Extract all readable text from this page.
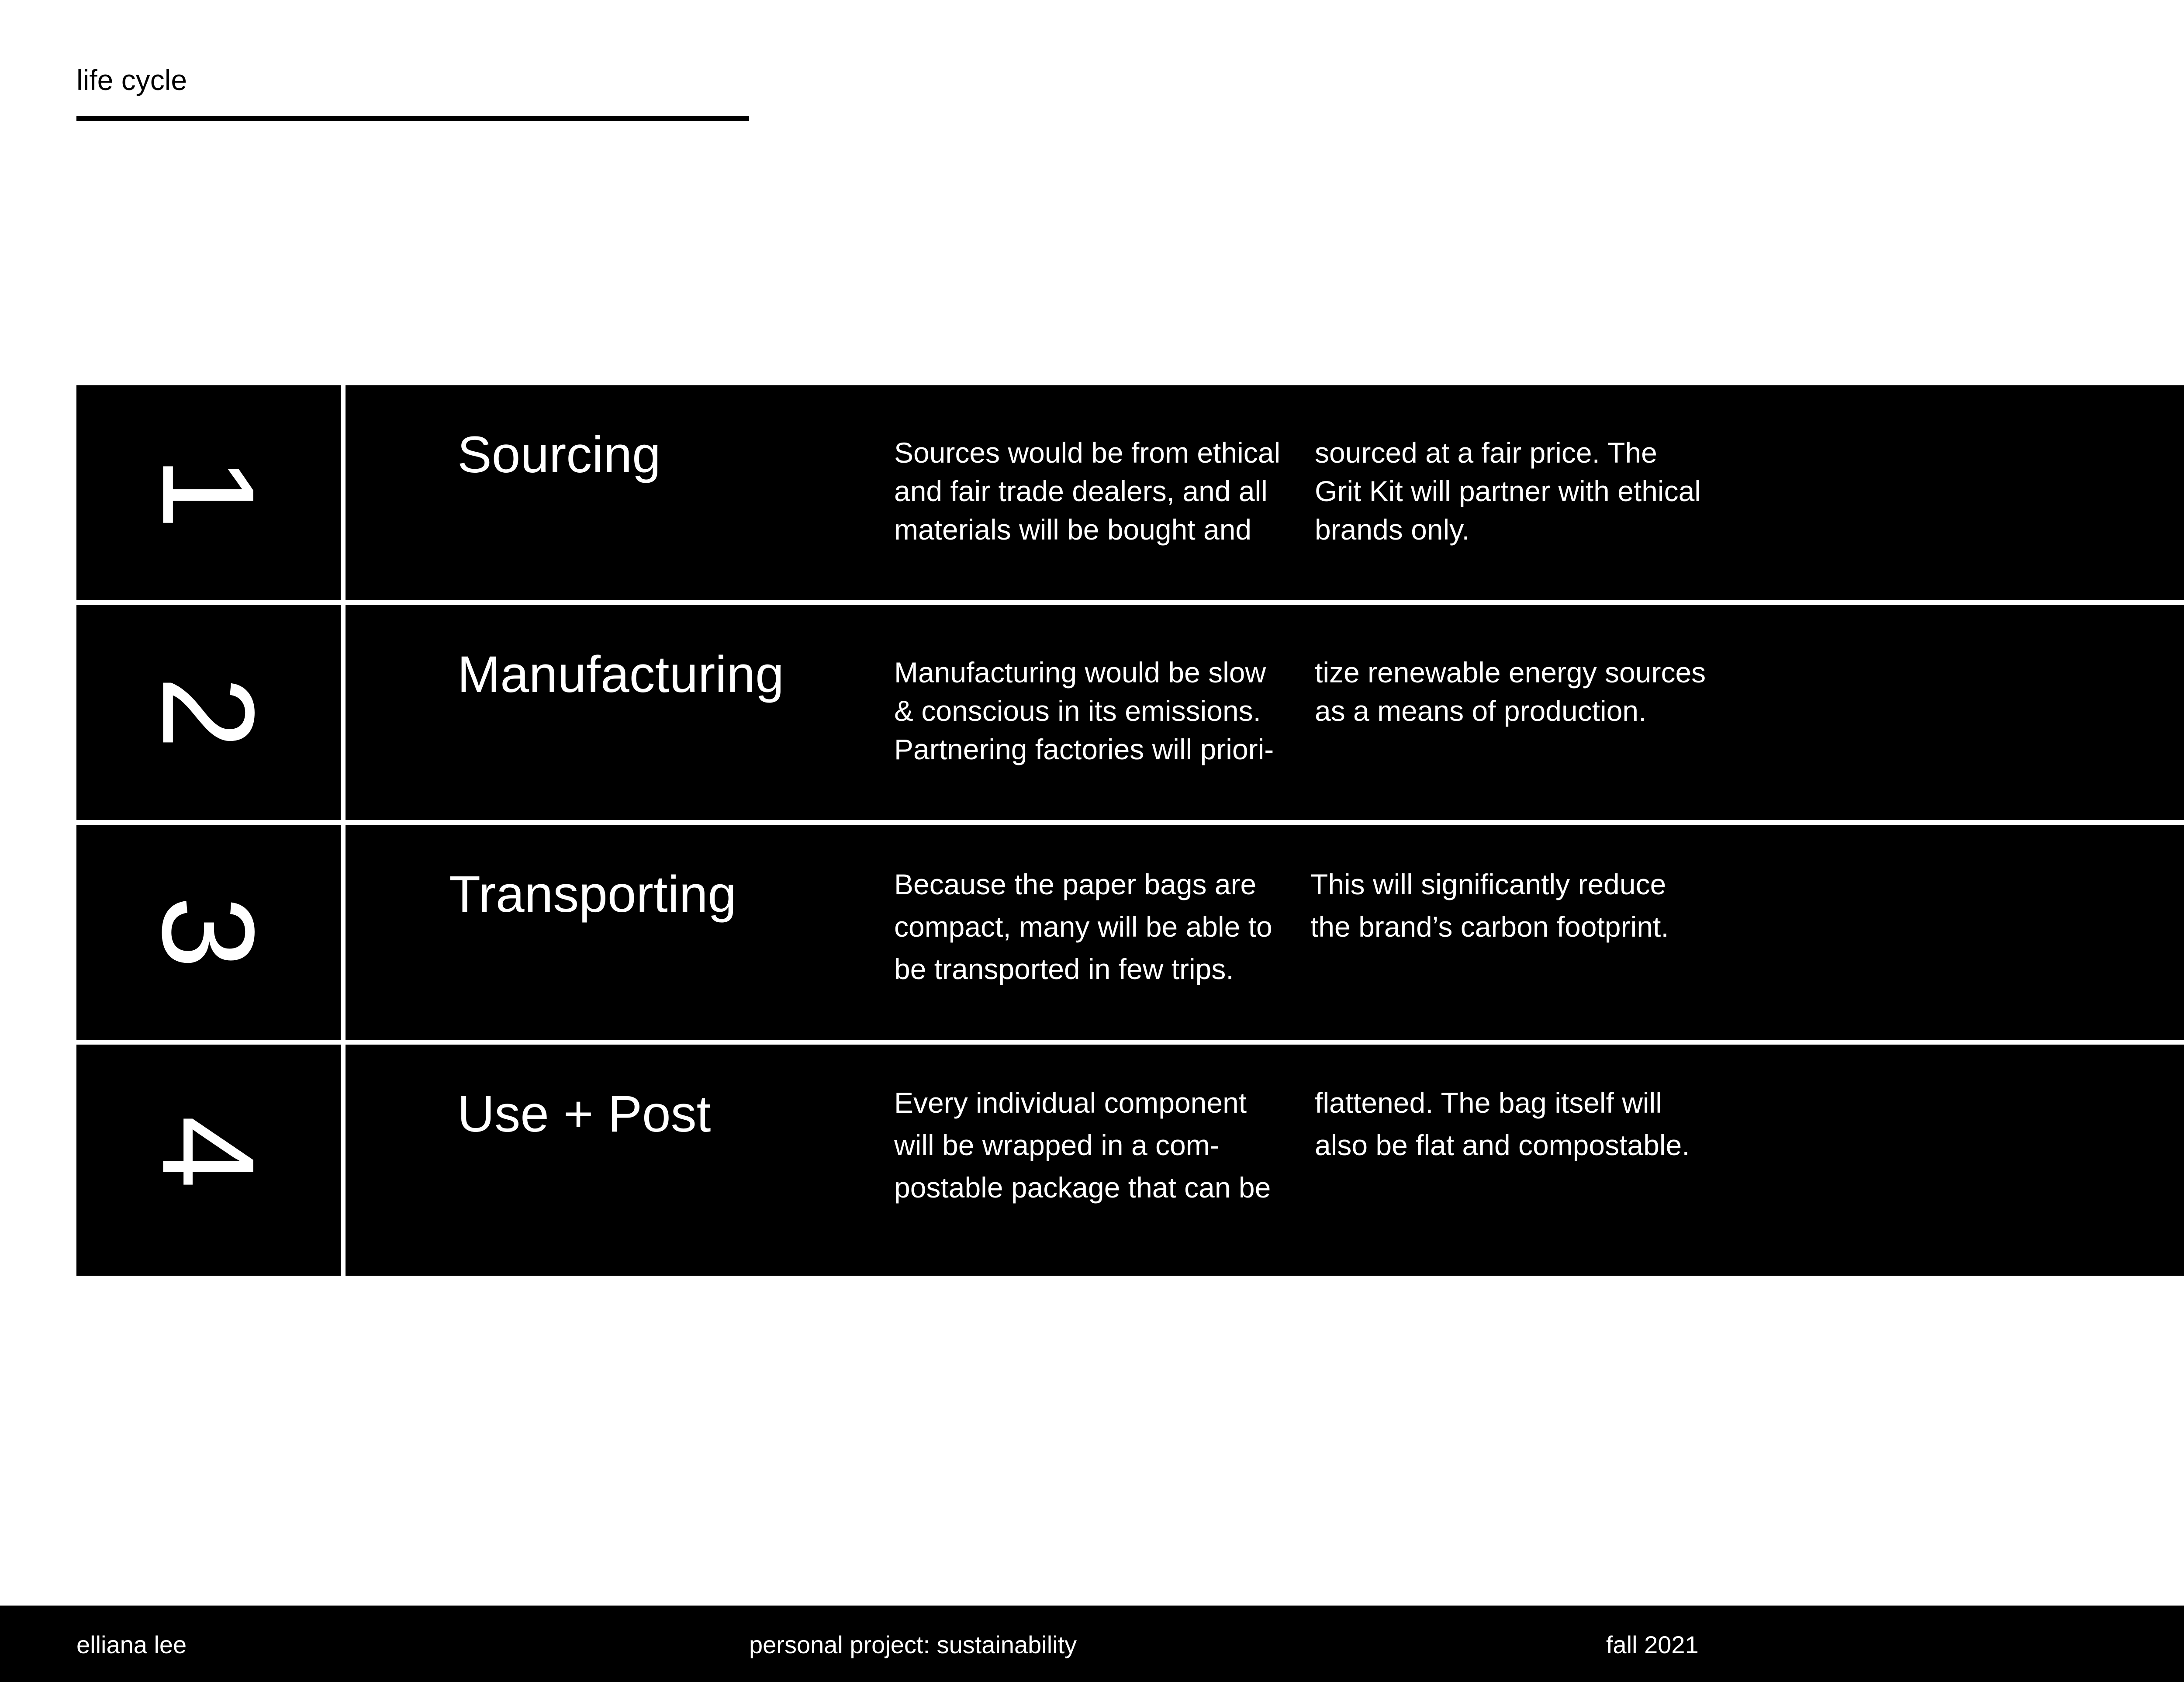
life cycle
1
Sourcing	Sources would be from ethical and fair trade dealers, and all materials will be bought and
sourced at a fair price. The Grit Kit will partner with ethical brands only.
2
Manufacturing	Manufacturing would be slow & conscious in its emissions. Partnering factories will priori-
tize renewable energy sources as a means of production.
3
Transporting	Because the paper bags are compact, many will be able to be transported in few trips.
This will significantly reduce the brand’s carbon footprint.
4
Use + Post	Every individual component will be wrapped in a com-postable package that can be
flattened. The bag itself will also be flat and compostable.
elliana lee	personal project: sustainability	fall 2021
